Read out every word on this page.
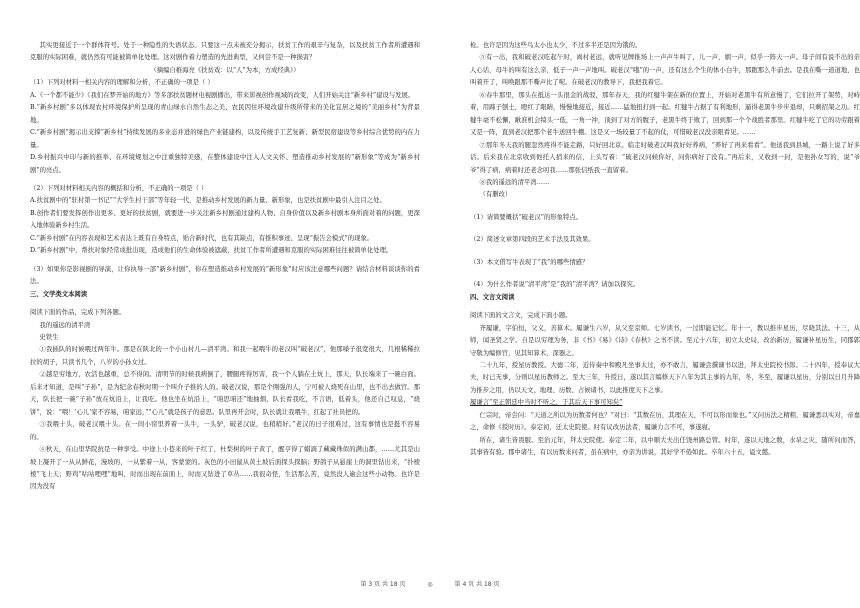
其实更接近于一个群体符号。处于一种隐性的失语状态。只要这一点未被充分揭示，扶贫工作的艰辛与复杂，以及扶贫工作者所遭遇和克服的实际困难，就仍然有可能被简单化处理。这对剧作着力塑造的先进典型，又何尝不是一种损害？

（摘编自稚海亮《扶贫戏：以“人”为本，方成经典》）

（1）下列对材料一相关内容的理解和分析，不正确的一项是（ ）

A.《一个都不能少》《我们在梦开始的地方》等多部扶贫题材电视剧播出，带来影视创作视域的改变，人们开始关注“新乡村”建设与发展。

B.“新乡村剧”多以体现农村环境保护所呈现的青山绿水自然生态之美、农民因住环境改建升级所带来的美化宜居之境的“美丽乡村”为背景地。

C.“新乡村剧”揭示出支撑“新乡村”持续发展的多业态并进的绿色产业链建构，以及传统手工艺复新、新型民宿建设等乡村综合优势的内在力量。

D.乡村振兴中印与新的推举、在环境规划之中注重独特美感，在整体建设中注入人文关怀、塑造推动乡村发展的“新形象”等成为“新乡村剧”的亮点。

（2）下列对材料相关内容的概括和分析，不正确的一项是（ ）

A.扶贫剧中的“驻村第一书记”“大学生村干部”等年轻一代，是推动乡村发展的新力量、新形象，也是扶贫剧中最引人注目之处。

B.创作者们要发挥创作出更多、更好的扶贫剧，就要进一步关注新乡村剧通过建构人物、自身价值以及新乡村剧本身所面对着的问题，更深入地体验新乡村生活。

C.“新乡村剧”在内容表现和艺术表达上既有自身特点，贴合新时代，也有其缺点，有推积事迹、呈现“振告会模式”的现象。

D.“新乡村剧”中，帮扶对象经常成批出现，造成他们的生命体验被遮蔽，扶贫工作者所遭遇和克服的实际困难往往被简单化处理。

（3）如果你是影视剧的导演，让你执导一部“新乡村剧”，你在塑造推动乡村发展的“新形象”时应该注意哪些问题？请结合材料谈谈你的看法。

三、文学类文本阅读

阅读下面的作品，完成下列各题。

我的遥远的清平湾

史铁生

①我插队的时候喂过两年牛。那是在陕北的一个小山村儿—清平湾。和我一起喂牛的老汉叫“破老汉”，他那嗓子很宽很大，几根稀稀拉拉的胡子，只读书几个，八岁的小孙女过。

②越是穷地方，农活也越重，总不得闲。清明节的时候我病倒了，腰腿疼得厉害，我一个人躺在土炕上，那天，队长端来了一碗白面。后来才知道，是叫“子孙”，是为纪念春秋时期一个叫介子推的人的。破老汉说，那是个刚强的人，宁可被人烧死在山里，也不出去做官。那天，队长把一碗“子孙”放在炕沿上，让我吃。他也坐在炕沿上，“咱思咱还”地抽烟，队长看我吃，不言语，低着头，他还自己叹息，“烧饼”，说：“喂！‘心儿’家不容易，咱家远，”“心儿”就是孩子的意思。队里再开会时，队长就让我喂牛，扛起了社员把的。

③我喂十头，破老汉喂十头。在一间小窑里养着一头牛，一头驴，破老汉说，也稍稍好。”老汉的日子很难过，这有事情也是挺不容易的。

④秋天，在山里华院抗是一种享受。中途上小巷来的叶子红了，杜梨树的叶子黄了，醒亨得了蜡滴了藏藏珠似的满山都，……尤其是山坡上凝开了一从从鲜花，漫坡的，一从紫着一从，客蒙蒙的。灰色的小田鼠从黄土坡后面探头探脑；野鸽子从悬崖上的洞里钻出来，“扑棱棱”飞上天；野鸡“咕咕哩哩”地叫，时而出现在前面上，时而又钻进了草丛……我很奇怪，生活那么苦，竟然没人逾会这些小动物。也许是因为没有

枪。也许是因为这些鸟太小也太少，不过多半还是因为饿的。

⑤有一出，我和破老汉吃起午时，离村老远，就听见牌推场上一声声牛叫了，儿一声，姻一声，似乎一阵天一声。母子间有说不出的亲人心话，母牛的叫有这么亲，低子一声一声地叫。破老汉“哦”的一声，还有这么个生的体小白牛，那跑那么牛前去。是我在嘶一道道地，也叫着开了，叫唤跟那不嘶声比了呢。在破老汉的教导下，我把我着它。

⑥春牛那里，那头在抵达一头很金的战驳，那年春天，我的红犍牛架在新的位置上，开始对老黑牛有所意慢了，它们拉开了架势，对峙着，用蹄子刨土，瞪红了眼睛，慢慢地接近，接近……猛地扭打到一起。红犍牛占据了有利地形，逼得老黑牛步步退却，只剩招架之功。红犍牛毫不松懈，瞅准机会犄头一低，一角一冲，顶到了对方的腹子，老黑牛终于败了，回到那一个个战胜者那里。红犍牛吃了它的功劳跟着又是一阵，直到老汉把那个老牛送回牛棚。这是又一场较量了不起的仗，可惜破老汉没亲眼看见。……

⑦那年冬天我的腿忽然疼得不能走路，只好回北京。临走时破老汉叫我好好养病，“养好了再来看看”。他送我到县城，一路上说了好多话。后来我在北京收到他托人捎来的信，上头写着：“破老汉问候你好，问你病好了没有。”再后来，又收到一封，是他孙女写的，说“爷爷”得了病，病着时还老念叨我……那张信纸我一直留着。

⑧我的遥远的清平湾……

（有删改）

（1）请简要概括“破老汉”的形象特点。

（2）简述文章第四段的艺术手法及其效果。

（3）本文借写牛表现了“我”的哪些情感？

（4）为什么作者说“清平湾”是“我的”清平湾？请加以探究。

四、文言文阅读

阅读下面的文言文，完成下面小题。

齐履谦，字伯恒，父义，善算术。履谦生六岁，从父至京师。七岁读书，一过即能记忆。年十一，教以推步星历，尽晓其法。十三，从师，闻圣贤之学。自是以穷理为务，非《书》《易》《诗》《春秋》之书不读。至元十六年，初立太史局，改治新历，履谦补星历生，同郡郭守敬为编修官，见其知算术，深器之。

二十九年，授星历教授。大德二年，近侍奏中和殿凡坐事太过，亦不敢言，履谦尝撰谏书以进，拜太史院校书郎。二十四年，授奉议大夫，时已无事，分则以星历教师之。至大三年，升授日，遂以其言编修天下八年为其主事的九年，冬，冬至，履谦以星历，分别以日月升降为推步之用，仍以天文、地理、历数、占候诸书，以此推度天下之事。

履谦言“至正朝廷中当时不听之，于其后天下事可知矣”

仁宗时，帝尝问：“天道之所以为历数者何也？”对曰：“其数在历，其理在天，不可以形而象也。”又问历法之精粗，履谦悉以实对，帝嘉之，命修《授时历》。泰定初，迁太史院使。时有议改历法者，履谦力言不可，事遂寝。

所在，诸生皆畏服。至治元年，拜太史院使。泰定二年，以中顺大夫出任饶州路总管。时年，遂以天地之数，水旱之灾，随所问而答，其事皆有验。郡中诸生，有以历数来问者，虽在病中，亦亲为讲说，其好学不倦如此。卒年六十五，谥文懿。

第 3 页 共 18 页	◎	第 4 页 共 18 页
